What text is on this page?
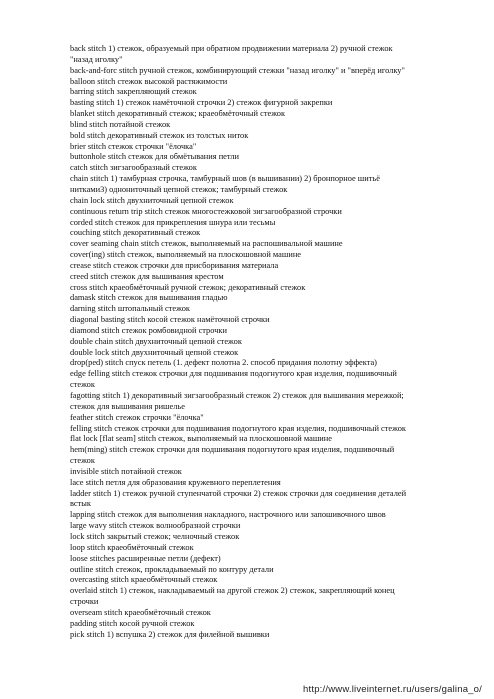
back stitch 1) стежок, образуемый при обратном продвижении материала 2) ручной стежок
"назад иголку"
back-and-forc stitch ручной стежок, комбинирующий стежки "назад иголку" и "вперёд иголку"
balloon stitch стежок высокой растяжимости
barring stitch закрепляющий стежок
basting stitch 1) стежок намёточной строчки 2) стежок фигурной закрепки
blanket stitch декоративный стежок; краеобмёточный стежок
blind stitch потайной стежок
bold stitch декоративный стежок из толстых ниток
brier stitch стежок строчки "ёлочка"
buttonhole stitch стежок для обмётывания петли
catch stitch зигзагообразный стежок
chain stitch 1) тамбурная строчка, тамбурный шов (в вышивании) 2) бронпорное шитьё
нитками3) однониточный цепной стежок; тамбурный стежок
chain lock stitch двухниточный цепной стежок
continuous return trip stitch стежок многостежковой зигзагообразной строчки
corded stitch стежок для прикрепления шнура или тесьмы
couching stitch декоративный стежок
cover seaming chain stitch стежок, выполняемый на распошивальной машине
cover(ing) stitch стежок, выполняемый на плоскошовной машине
crease stitch стежок строчки для присборивания материала
creed stitch стежок для вышивания крестом
cross stitch краеобмёточный ручной стежок; декоративный стежок
damask stitch стежок для вышивания гладью
darning stitch штопальный стежок
diagonal basting stitch косой стежок намёточной строчки
diamond stitch стежок ромбовидной строчки
double chain stitch двухниточный цепной стежок
double lock stitch двухниточный цепной стежок
drop(ped) stitch спуск петель (1. дефект полотна 2. способ придания полотну эффекта)
edge felling stitch стежок строчки для подшивания подогнутого края изделия, подшивочный
стежок
fagotting stitch 1) декоративный зигзагообразный стежок 2) стежок для вышивания мережкой;
стежок для вышивания ришелье
feather stitch стежок строчки "ёлочка"
felling stitch стежок строчки для подшивания подогнутого края изделия, подшивочный стежок
flat lock [flat seam] stitch стежок, выполняемый на плоскошовной машине
hem(ming) stitch стежок строчки для подшивания подогнутого края изделия, подшивочный
стежок
invisible stitch потайной стежок
lace stitch петля для образования кружевного переплетения
ladder stitch 1) стежок ручной ступенчатой строчки 2) стежок строчки для соединения деталей
встык
lapping stitch стежок для выполнения накладного, настрочного или запошивочного швов
large wavy stitch стежок волнообразной строчки
lock stitch закрытый стежок; челночный стежок
loop stitch краеобмёточный стежок
loose stitches расширенные петли (дефект)
outline stitch стежок, прокладываемый по контуру детали
overcasting stitch краеобмёточный стежок
overlaid stitch 1) стежок, накладываемый на другой стежок 2) стежок, закрепляющий конец
строчки
overseam stitch краеобмёточный стежок
padding stitch косой ручной стежок
pick stitch 1) вспушка 2) стежок для филейной вышивки
http://www.liveinternet.ru/users/galina_o/
